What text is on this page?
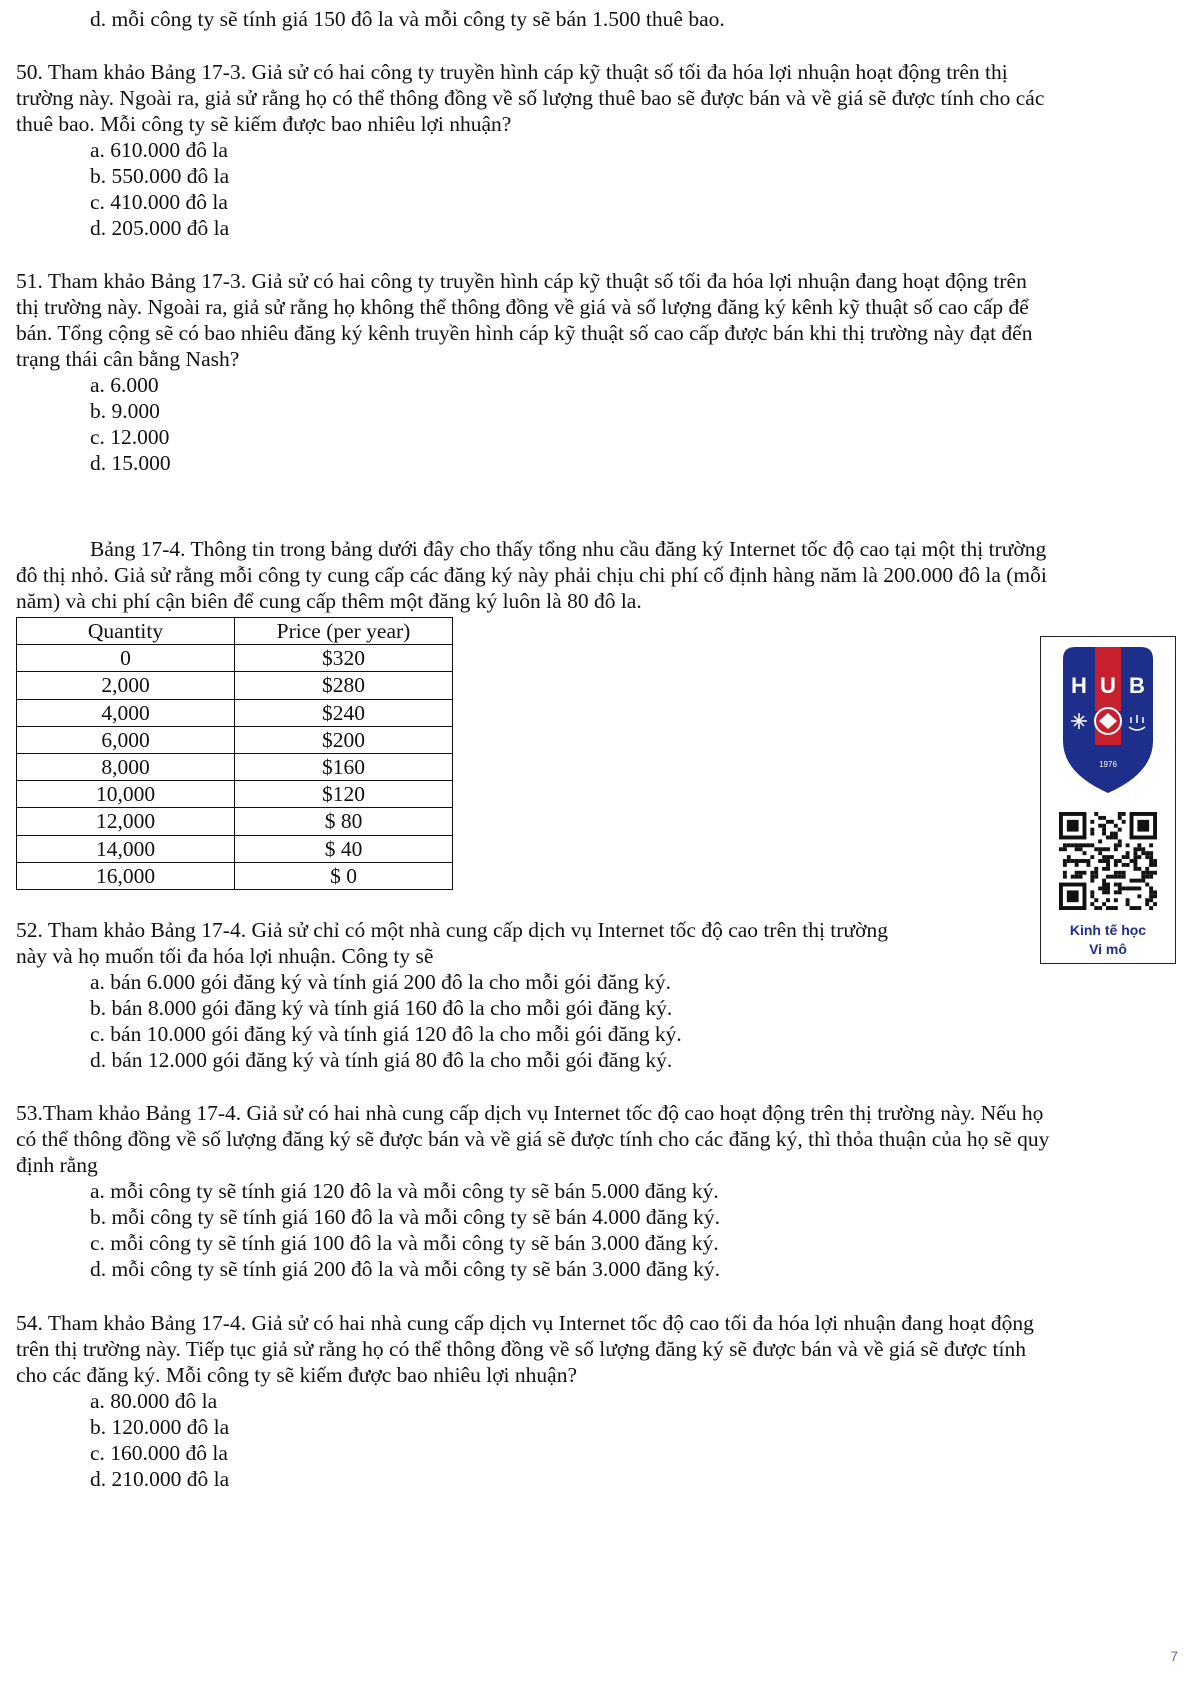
d. mỗi công ty sẽ tính giá 150 đô la và mỗi công ty sẽ bán 1.500 thuê bao.
50. Tham khảo Bảng 17-3. Giả sử có hai công ty truyền hình cáp kỹ thuật số tối đa hóa lợi nhuận hoạt động trên thị
trường này. Ngoài ra, giả sử rằng họ có thể thông đồng về số lượng thuê bao sẽ được bán và về giá sẽ được tính cho các
thuê bao. Mỗi công ty sẽ kiếm được bao nhiêu lợi nhuận?
a. 610.000 đô la
b. 550.000 đô la
c. 410.000 đô la
d. 205.000 đô la
51. Tham khảo Bảng 17-3. Giả sử có hai công ty truyền hình cáp kỹ thuật số tối đa hóa lợi nhuận đang hoạt động trên
thị trường này. Ngoài ra, giả sử rằng họ không thể thông đồng về giá và số lượng đăng ký kênh kỹ thuật số cao cấp để
bán. Tổng cộng sẽ có bao nhiêu đăng ký kênh truyền hình cáp kỹ thuật số cao cấp được bán khi thị trường này đạt đến
trạng thái cân bằng Nash?
a. 6.000
b. 9.000
c. 12.000
d. 15.000
Bảng 17-4. Thông tin trong bảng dưới đây cho thấy tổng nhu cầu đăng ký Internet tốc độ cao tại một thị trường
đô thị nhỏ. Giả sử rằng mỗi công ty cung cấp các đăng ký này phải chịu chi phí cố định hàng năm là 200.000 đô la (mỗi
năm) và chi phí cận biên để cung cấp thêm một đăng ký luôn là 80 đô la.
Quantity	Price (per year)
0	$320
2,000	$280
4,000	$240
6,000	$200
8,000	$160
10,000	$120
12,000	$ 80
14,000	$ 40
16,000	$ 0
H U B
1976
Kinh tế học
Vi mô
52. Tham khảo Bảng 17-4. Giả sử chỉ có một nhà cung cấp dịch vụ Internet tốc độ cao trên thị trường
này và họ muốn tối đa hóa lợi nhuận. Công ty sẽ
a. bán 6.000 gói đăng ký và tính giá 200 đô la cho mỗi gói đăng ký.
b. bán 8.000 gói đăng ký và tính giá 160 đô la cho mỗi gói đăng ký.
c. bán 10.000 gói đăng ký và tính giá 120 đô la cho mỗi gói đăng ký.
d. bán 12.000 gói đăng ký và tính giá 80 đô la cho mỗi gói đăng ký.
53.Tham khảo Bảng 17-4. Giả sử có hai nhà cung cấp dịch vụ Internet tốc độ cao hoạt động trên thị trường này. Nếu họ
có thể thông đồng về số lượng đăng ký sẽ được bán và về giá sẽ được tính cho các đăng ký, thì thỏa thuận của họ sẽ quy
định rằng
a. mỗi công ty sẽ tính giá 120 đô la và mỗi công ty sẽ bán 5.000 đăng ký.
b. mỗi công ty sẽ tính giá 160 đô la và mỗi công ty sẽ bán 4.000 đăng ký.
c. mỗi công ty sẽ tính giá 100 đô la và mỗi công ty sẽ bán 3.000 đăng ký.
d. mỗi công ty sẽ tính giá 200 đô la và mỗi công ty sẽ bán 3.000 đăng ký.
54. Tham khảo Bảng 17-4. Giả sử có hai nhà cung cấp dịch vụ Internet tốc độ cao tối đa hóa lợi nhuận đang hoạt động
trên thị trường này. Tiếp tục giả sử rằng họ có thể thông đồng về số lượng đăng ký sẽ được bán và về giá sẽ được tính
cho các đăng ký. Mỗi công ty sẽ kiếm được bao nhiêu lợi nhuận?
a. 80.000 đô la
b. 120.000 đô la
c. 160.000 đô la
d. 210.000 đô la
7
